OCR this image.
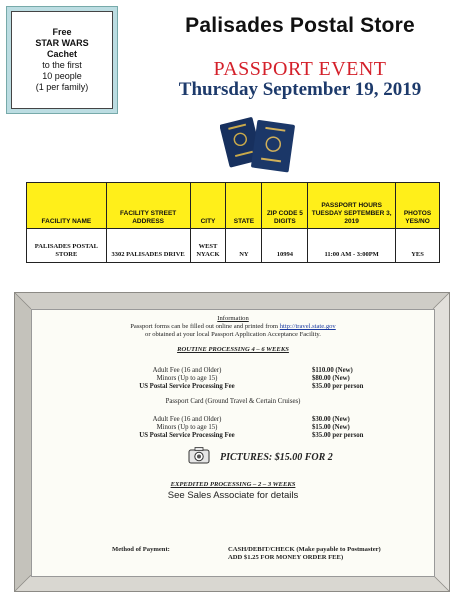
Free
STAR WARS
Cachet
to the first
10 people
(1 per family)
Palisades Postal Store
PASSPORT EVENT
Thursday September 19, 2019
FACILITY NAME	FACILITY STREET ADDRESS	CITY	STATE	ZIP CODE 5 DIGITS	PASSPORT HOURS TUESDAY SEPTEMBER 3, 2019	PHOTOS YES/NO
PALISADES POSTAL STORE	3302 PALISADES DRIVE	WEST NYACK	NY	10994	11:00 AM - 3:00PM	YES
Information
Passport forms can be filled out online and printed from http://travel.state.gov
or obtained at your local Passport Application Acceptance Facility.
ROUTINE PROCESSING 4 – 6 WEEKS
Adult Fee (16 and Older)	$110.00 (New)
Minors (Up to age 15)	$80.00 (New)
US Postal Service Processing Fee	$35.00 per person
Passport Card (Ground Travel & Certain Cruises)
Adult Fee (16 and Older)	$30.00 (New)
Minors (Up to age 15)	$15.00 (New)
US Postal Service Processing Fee	$35.00 per person
PICTURES: $15.00 FOR 2
EXPEDITED PROCESSING – 2 – 3 WEEKS
See Sales Associate for details
Method of Payment:	CASH/DEBIT/CHECK (Make payable to Postmaster)
ADD $1.25 FOR MONEY ORDER FEE)
